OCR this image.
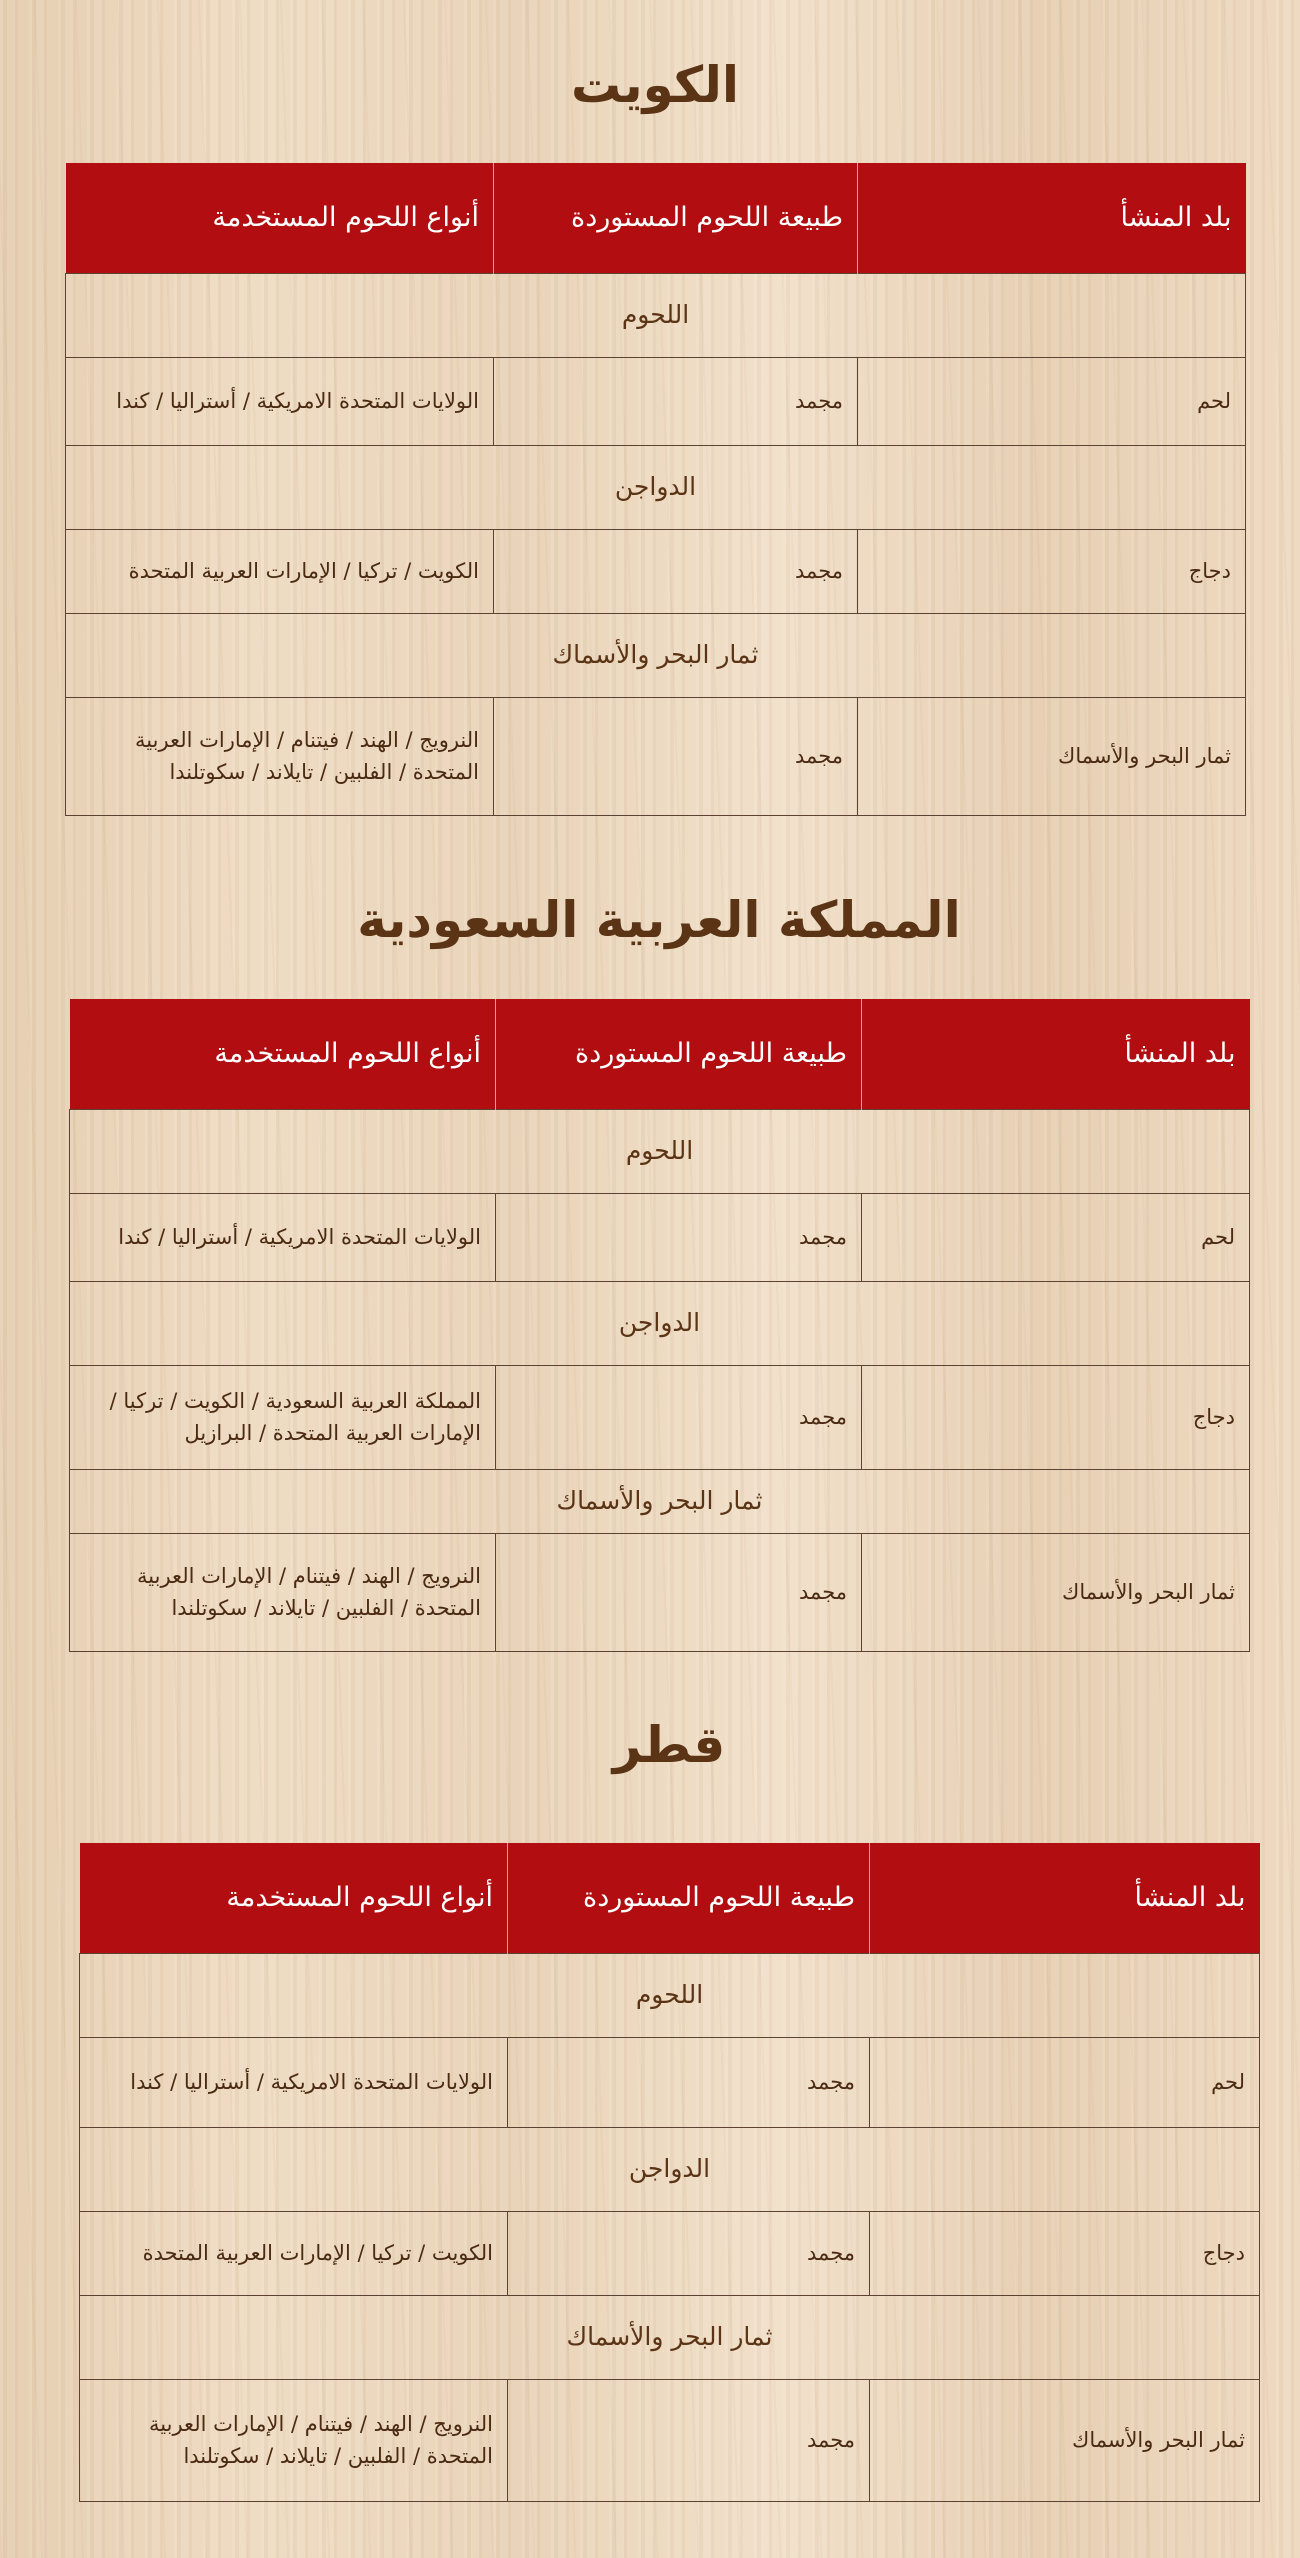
الكويت
بلد المنشأ	طبيعة اللحوم المستوردة	أنواع اللحوم المستخدمة
اللحوم		
لحم	مجمد	الولايات المتحدة الامريكية / أستراليا / كندا
الدواجن		
دجاج	مجمد	الكويت / تركيا / الإمارات العربية المتحدة
ثمار البحر والأسماك		
ثمار البحر والأسماك	مجمد	النرويج / الهند / فيتنام / الإمارات العربية المتحدة / الفلبين / تايلاند / سكوتلندا
المملكة العربية السعودية
بلد المنشأ	طبيعة اللحوم المستوردة	أنواع اللحوم المستخدمة
اللحوم		
لحم	مجمد	الولايات المتحدة الامريكية / أستراليا / كندا
الدواجن		
دجاج	مجمد	المملكة العربية السعودية / الكويت / تركيا / الإمارات العربية المتحدة / البرازيل
ثمار البحر والأسماك		
ثمار البحر والأسماك	مجمد	النرويج / الهند / فيتنام / الإمارات العربية المتحدة / الفلبين / تايلاند / سكوتلندا
قطر
بلد المنشأ	طبيعة اللحوم المستوردة	أنواع اللحوم المستخدمة
اللحوم		
لحم	مجمد	الولايات المتحدة الامريكية / أستراليا / كندا
الدواجن		
دجاج	مجمد	الكويت / تركيا / الإمارات العربية المتحدة
ثمار البحر والأسماك		
ثمار البحر والأسماك	مجمد	النرويج / الهند / فيتنام / الإمارات العربية المتحدة / الفلبين / تايلاند / سكوتلندا
